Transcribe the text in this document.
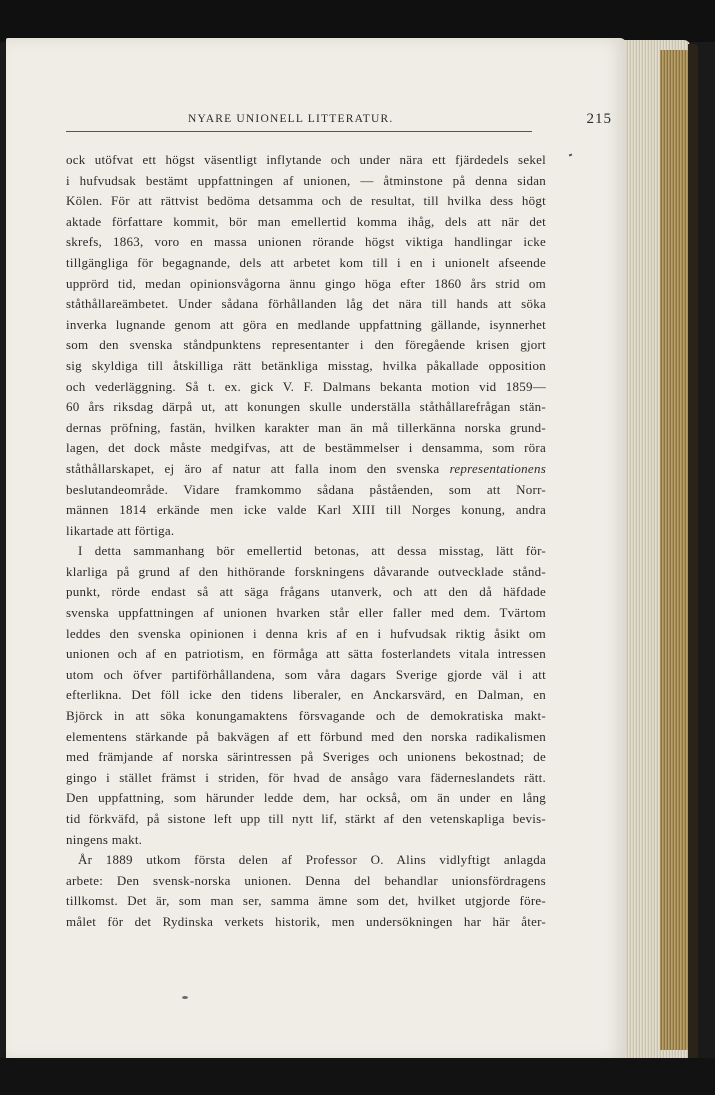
NYARE UNIONELL LITTERATUR.	215
ock utöfvat ett högst väsentligt inflytande och under nära ett fjärdedels sekel
i hufvudsak bestämt uppfattningen af unionen, — åtminstone på denna sidan
Kölen. För att rättvist bedöma detsamma och de resultat, till hvilka dess högt
aktade författare kommit, bör man emellertid komma ihåg, dels att när det
skrefs, 1863, voro en massa unionen rörande högst viktiga handlingar icke
tillgängliga för begagnande, dels att arbetet kom till i en i unionelt afseende
upprörd tid, medan opinionsvågorna ännu gingo höga efter 1860 års strid om
ståthållareämbetet. Under sådana förhållanden låg det nära till hands att söka
inverka lugnande genom att göra en medlande uppfattning gällande, isynnerhet
som den svenska ståndpunktens representanter i den föregående krisen gjort
sig skyldiga till åtskilliga rätt betänkliga misstag, hvilka påkallade opposition
och vederläggning. Så t. ex. gick V. F. Dalmans bekanta motion vid 1859—
60 års riksdag därpå ut, att konungen skulle underställa ståthållarefrågan stän-
dernas pröfning, fastän, hvilken karakter man än må tillerkänna norska grund-
lagen, det dock måste medgifvas, att de bestämmelser i densamma, som röra
ståthållarskapet, ej äro af natur att falla inom den svenska representationens
beslutandeområde. Vidare framkommo sådana påståenden, som att Norr-
männen 1814 erkände men icke valde Karl XIII till Norges konung, andra
likartade att förtiga.
I detta sammanhang bör emellertid betonas, att dessa misstag, lätt för-
klarliga på grund af den hithörande forskningens dåvarande outvecklade stånd-
punkt, rörde endast så att säga frågans utanverk, och att den då häfdade
svenska uppfattningen af unionen hvarken står eller faller med dem. Tvärtom
leddes den svenska opinionen i denna kris af en i hufvudsak riktig åsikt om
unionen och af en patriotism, en förmåga att sätta fosterlandets vitala intressen
utom och öfver partiförhållandena, som våra dagars Sverige gjorde väl i att
efterlikna. Det föll icke den tidens liberaler, en Anckarsvärd, en Dalman, en
Björck in att söka konungamaktens försvagande och de demokratiska makt-
elementens stärkande på bakvägen af ett förbund med den norska radikalismen
med främjande af norska särintressen på Sveriges och unionens bekostnad; de
gingo i stället främst i striden, för hvad de ansågo vara fäderneslandets rätt.
Den uppfattning, som härunder ledde dem, har också, om än under en lång
tid förkväfd, på sistone left upp till nytt lif, stärkt af den vetenskapliga bevis-
ningens makt.
År 1889 utkom första delen af Professor O. Alins vidlyftigt anlagda
arbete: Den svensk-norska unionen. Denna del behandlar unionsfördragens
tillkomst. Det är, som man ser, samma ämne som det, hvilket utgjorde före-
målet för det Rydinska verkets historik, men undersökningen har här åter-
